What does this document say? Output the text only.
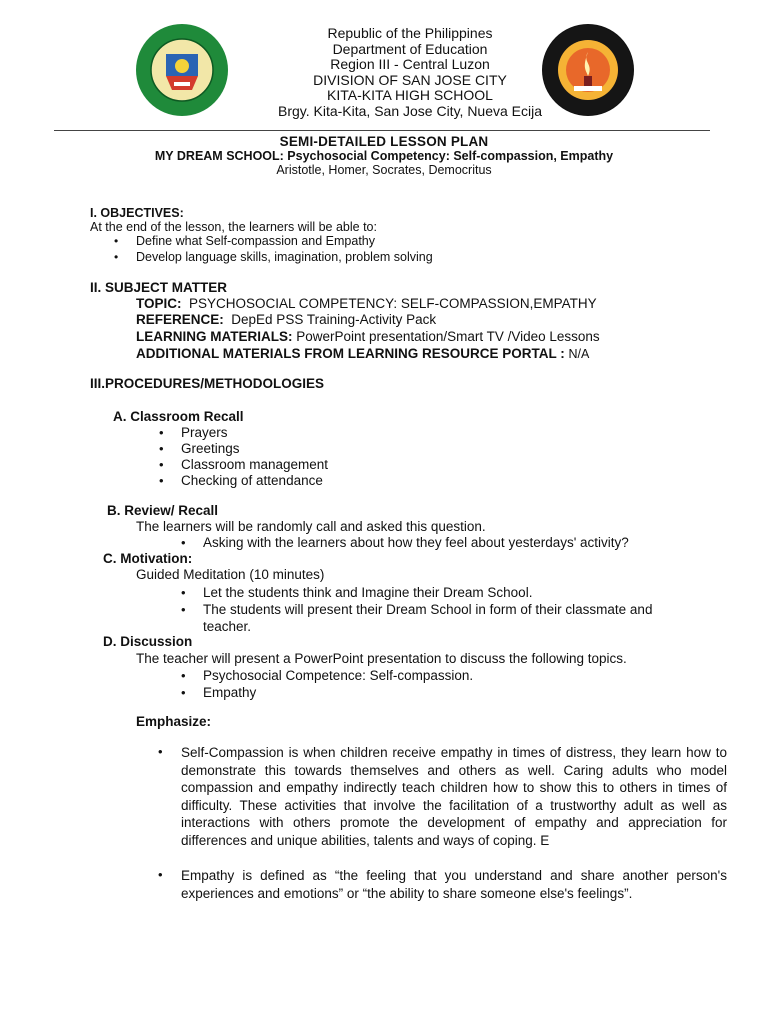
Republic of the Philippines
Department of Education
Region III - Central Luzon
DIVISION OF SAN JOSE CITY
KITA-KITA HIGH SCHOOL
Brgy. Kita-Kita, San Jose City, Nueva Ecija
SEMI-DETAILED LESSON PLAN
MY DREAM SCHOOL: Psychosocial Competency: Self-compassion, Empathy
Aristotle, Homer, Socrates, Democritus
I. OBJECTIVES:
At the end of the lesson, the learners will be able to:
• Define what Self-compassion and Empathy
• Develop language skills, imagination, problem solving
II. SUBJECT MATTER
TOPIC: PSYCHOSOCIAL COMPETENCY: SELF-COMPASSION,EMPATHY
REFERENCE: DepEd PSS Training-Activity Pack
LEARNING MATERIALS: PowerPoint presentation/Smart TV /Video Lessons
ADDITIONAL MATERIALS FROM LEARNING RESOURCE PORTAL : N/A
III.PROCEDURES/METHODOLOGIES
A. Classroom Recall
• Prayers
• Greetings
• Classroom management
• Checking of attendance
B. Review/ Recall
The learners will be randomly call and asked this question.
• Asking with the learners about how they feel about yesterdays' activity?
C. Motivation:
Guided Meditation (10 minutes)
• Let the students think and Imagine their Dream School.
• The students will present their Dream School in form of their classmate and
teacher.
D. Discussion
The teacher will present a PowerPoint presentation to discuss the following topics.
• Psychosocial Competence: Self-compassion.
• Empathy
Emphasize:
• Self-Compassion is when children receive empathy in times of distress, they learn how to demonstrate this towards themselves and others as well. Caring adults who model compassion and empathy indirectly teach children how to show this to others in times of difficulty. These activities that involve the facilitation of a trustworthy adult as well as interactions with others promote the development of empathy and appreciation for differences and unique abilities, talents and ways of coping. E
• Empathy is defined as “the feeling that you understand and share another person's experiences and emotions” or “the ability to share someone else's feelings”.
